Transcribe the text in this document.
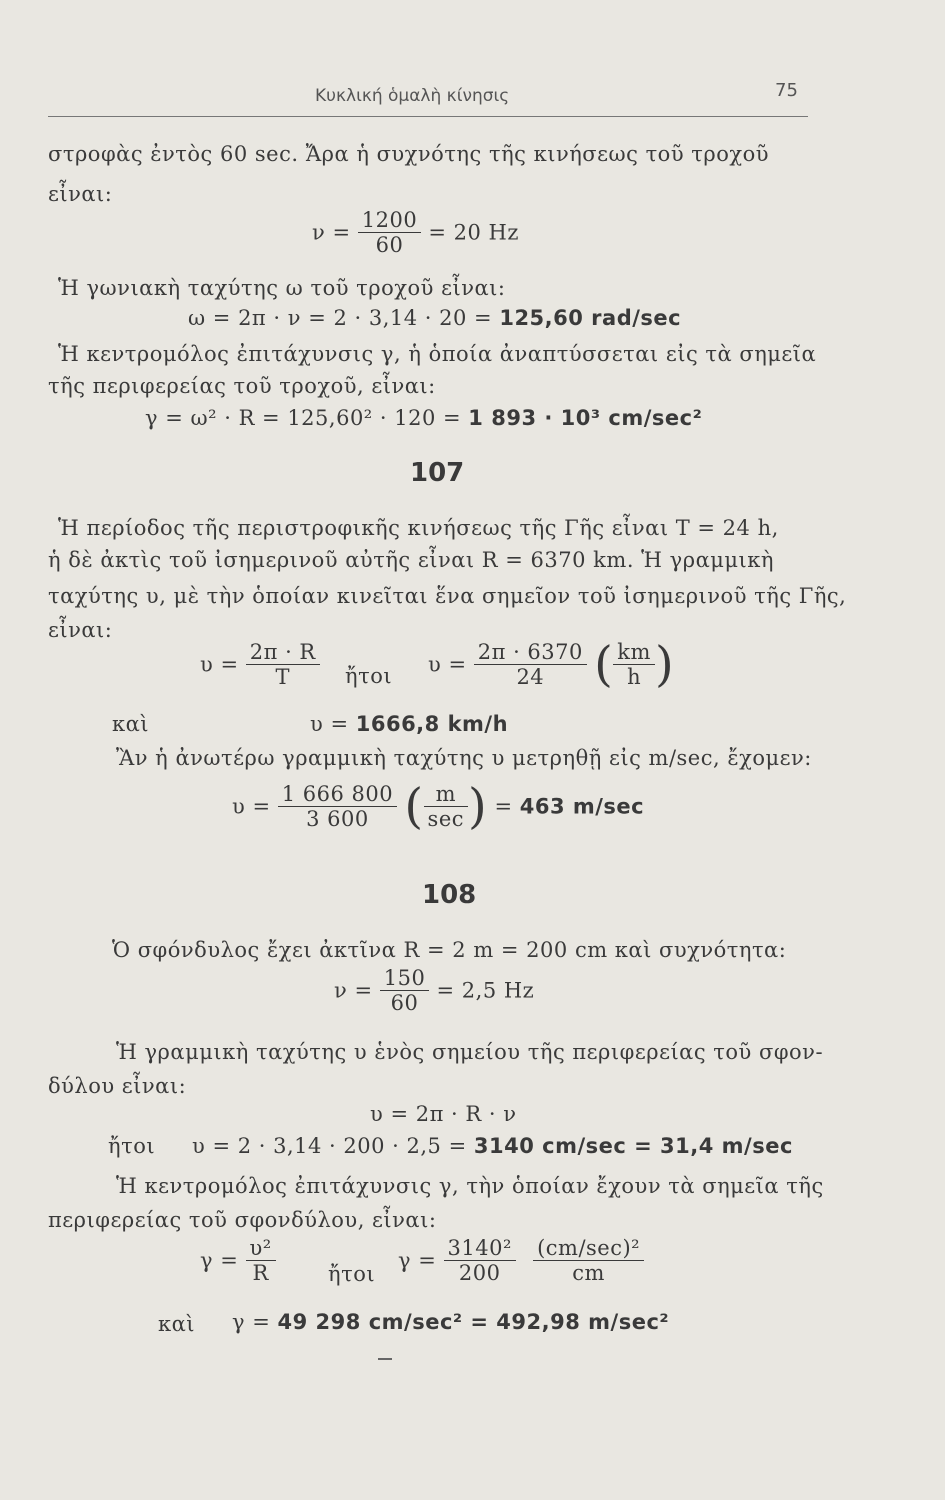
Κυκλική ὁμαλὴ κίνησις	75
στροφὰς ἐντὸς 60 sec. Ἄρα ἡ συχνότης τῆς κινήσεως τοῦ τροχοῦ
εἶναι:
$\nu = \frac{1200}{60} = 20$ Hz
Ἡ γωνιακὴ ταχύτης ω τοῦ τροχοῦ εἶναι:
ω = 2π · ν = 2 · 3,14 · 20 = 125,60 rad/sec
Ἡ κεντρομόλος ἐπιτάχυνσις γ, ἡ ὁποία ἀναπτύσσεται εἰς τὰ σημεῖα
τῆς περιφερείας τοῦ τροχοῦ, εἶναι:
γ = ω² · R = 125,60² · 120 = 1 893 · 10³ cm/sec²
107
Ἡ περίοδος τῆς περιστροφικῆς κινήσεως τῆς Γῆς εἶναι T = 24 h,
ἡ δὲ ἀκτὶς τοῦ ἰσημερινοῦ αὐτῆς εἶναι R = 6370 km. Ἡ γραμμικὴ
ταχύτης υ, μὲ τὴν ὁποίαν κινεῖται ἕνα σημεῖον τοῦ ἰσημερινοῦ τῆς Γῆς,
εἶναι:
$\upsilon = \frac{2\pi \cdot R}{T}$ ἤτοι $\upsilon = \frac{2\pi \cdot 6370}{24}$ ( $\frac{km}{h}$ )
καὶ	υ = 1666,8 km/h
Ἂν ἡ ἀνωτέρω γραμμικὴ ταχύτης υ μετρηθῇ εἰς m/sec, ἔχομεν:
$\upsilon = \frac{1 666 800}{3 600}$ ( $\frac{m}{\sec}$ ) = 463 m/sec
108
Ὁ σφόνδυλος ἔχει ἀκτῖνα R = 2 m = 200 cm καὶ συχνότητα:
$\nu = \frac{150}{60} = 2,5$ Hz
Ἡ γραμμικὴ ταχύτης υ ἑνὸς σημείου τῆς περιφερείας τοῦ σφον-
δύλου εἶναι:
υ = 2π · R · ν
ἤτοι υ = 2 · 3,14 · 200 · 2,5 = 3140 cm/sec = 31,4 m/sec
Ἡ κεντρομόλος ἐπιτάχυνσις γ, τὴν ὁποίαν ἔχουν τὰ σημεῖα τῆς
περιφερείας τοῦ σφονδύλου, εἶναι:
$\gamma = \frac{\text{υ²}}{R}$ ἤτοι
$\gamma = \frac{\text{3140²}}{200}$
$\frac{\text{(cm/sec)²}}{cm}$
καὶ γ = 49 298 cm/sec² = 492,98 m/sec²
